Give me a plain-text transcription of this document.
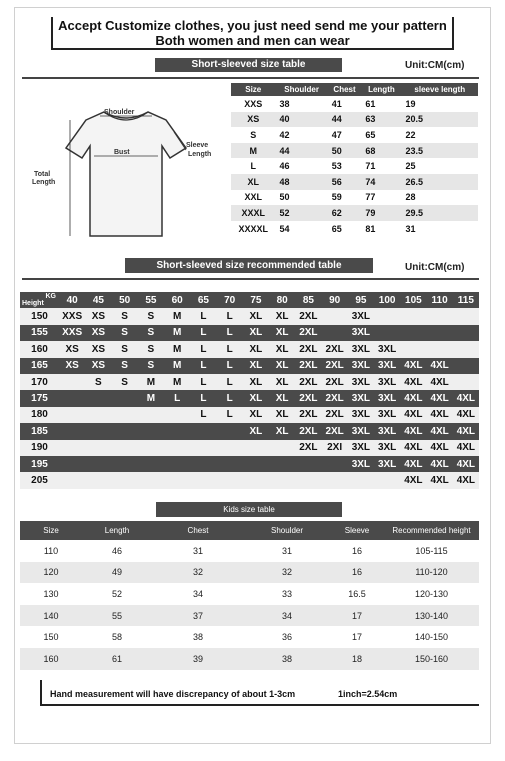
Accept Customize clothes, you just need send me your pattern
Both women and men can wear
Short-sleeved size table	Unit:CM(cm)
Shoulder
Bust
Sleeve
Length
Total
Length
Size	Shoulder	Chest	Length	sleeve length
XXS	38	41	61	19
XS	40	44	63	20.5
S	42	47	65	22
M	44	50	68	23.5
L	46	53	71	25
XL	48	56	74	26.5
XXL	50	59	77	28
XXXL	52	62	79	29.5
XXXXL	54	65	81	31
Short-sleeved size recommended table	Unit:CM(cm)
KG
Height	40	45	50	55	60	65	70	75	80	85	90	95	100	105	110	115
150	XXS	XS	S	S	M	L	L	XL	XL	2XL		3XL				
155	XXS	XS	S	S	M	L	L	XL	XL	2XL		3XL				
160	XS	XS	S	S	M	L	L	XL	XL	2XL	2XL	3XL	3XL			
165	XS	XS	S	S	M	L	L	XL	XL	2XL	2XL	3XL	3XL	4XL	4XL	
170		S	S	M	M	L	L	XL	XL	2XL	2XL	3XL	3XL	4XL	4XL	
175				M	L	L	L	XL	XL	2XL	2XL	3XL	3XL	4XL	4XL	4XL
180						L	L	XL	XL	2XL	2XL	3XL	3XL	4XL	4XL	4XL
185								XL	XL	2XL	2XL	3XL	3XL	4XL	4XL	4XL
190										2XL	2XI	3XL	3XL	4XL	4XL	4XL
195												3XL	3XL	4XL	4XL	4XL
205														4XL	4XL	4XL
Kids size table
Size	Length	Chest	Shoulder	Sleeve	Recommended height
110	46	31	31	16	105-115
120	49	32	32	16	110-120
130	52	34	33	16.5	120-130
140	55	37	34	17	130-140
150	58	38	36	17	140-150
160	61	39	38	18	150-160
Hand measurement will have discrepancy of about 1-3cm	1inch=2.54cm
